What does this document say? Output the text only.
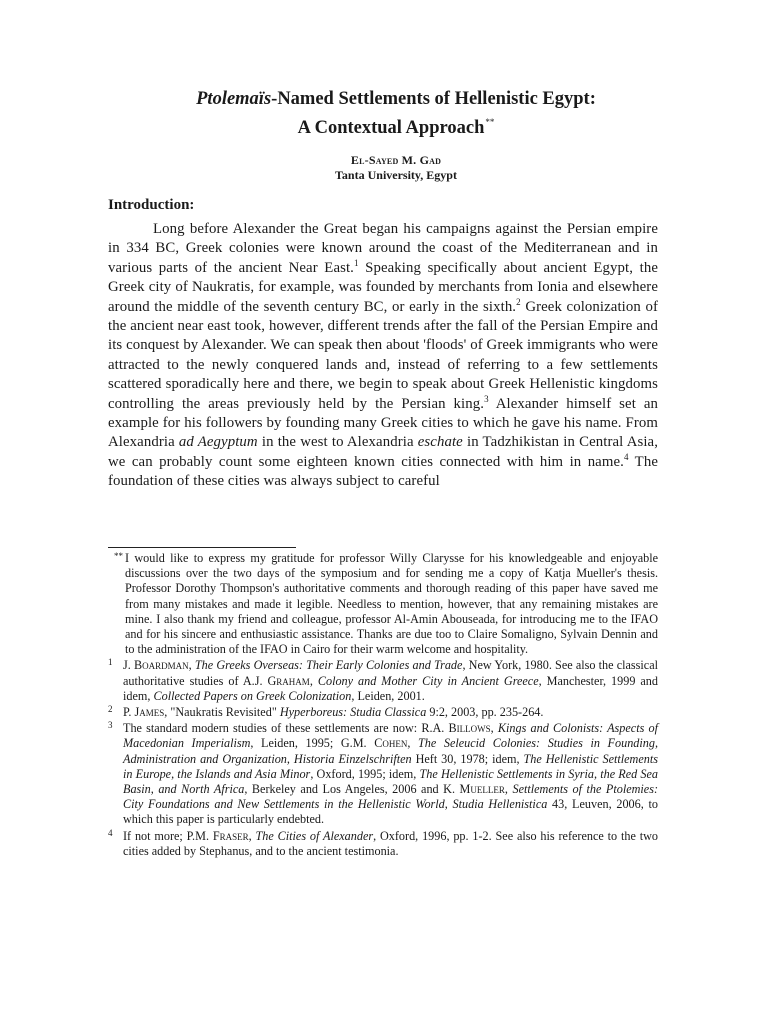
Ptolemaïs-Named Settlements of Hellenistic Egypt:
A Contextual Approach**
El-Sayed M. Gad
Tanta University, Egypt
Introduction:

Long before Alexander the Great began his campaigns against the Persian empire in 334 BC, Greek colonies were known around the coast of the Mediterranean and in various parts of the ancient Near East.$^1$ Speaking specifically about ancient Egypt, the Greek city of Naukratis, for example, was founded by merchants from Ionia and elsewhere around the middle of the seventh century BC, or early in the sixth.$^2$ Greek colonization of the ancient near east took, however, different trends after the fall of the Persian Empire and its conquest by Alexander. We can speak then about 'floods' of Greek immigrants who were attracted to the newly conquered lands and, instead of referring to a few settlements scattered sporadically here and there, we begin to speak about Greek Hellenistic kingdoms controlling the areas previously held by the Persian king.$^3$ Alexander himself set an example for his followers by founding many Greek cities to which he gave his name. From Alexandria ad Aegyptum in the west to Alexandria eschate in Tadzhikistan in Central Asia, we can probably count some eighteen known cities connected with him in name.$^4$ The foundation of these cities was always subject to careful

** I would like to express my gratitude for professor Willy Clarysse for his knowledgeable and enjoyable discussions over the two days of the symposium and for sending me a copy of Katja Mueller's thesis. Professor Dorothy Thompson's authoritative comments and thorough reading of this paper have saved me from many mistakes and made it legible. Needless to mention, however, that any remaining mistakes are mine. I also thank my friend and colleague, professor Al-Amin Abouseada, for introducing me to the IFAO and for his sincere and enthusiastic assistance. Thanks are due too to Claire Somaligno, Sylvain Dennin and to the administration of the IFAO in Cairo for their warm welcome and hospitality.
1 J. Boardman, The Greeks Overseas: Their Early Colonies and Trade, New York, 1980. See also the classical authoritative studies of A.J. Graham, Colony and Mother City in Ancient Greece, Manchester, 1999 and idem, Collected Papers on Greek Colonization, Leiden, 2001.
2 P. James, "Naukratis Revisited" Hyperboreus: Studia Classica 9:2, 2003, pp. 235-264.
3 The standard modern studies of these settlements are now: R.A. Billows, Kings and Colonists: Aspects of Macedonian Imperialism, Leiden, 1995; G.M. Cohen, The Seleucid Colonies: Studies in Founding, Administration and Organization, Historia Einzelschriften Heft 30, 1978; idem, The Hellenistic Settlements in Europe, the Islands and Asia Minor, Oxford, 1995; idem, The Hellenistic Settlements in Syria, the Red Sea Basin, and North Africa, Berkeley and Los Angeles, 2006 and K. Mueller, Settlements of the Ptolemies: City Foundations and New Settlements in the Hellenistic World, Studia Hellenistica 43, Leuven, 2006, to which this paper is particularly endebted.
4 If not more; P.M. Fraser, The Cities of Alexander, Oxford, 1996, pp. 1-2. See also his reference to the two cities added by Stephanus, and to the ancient testimonia.
